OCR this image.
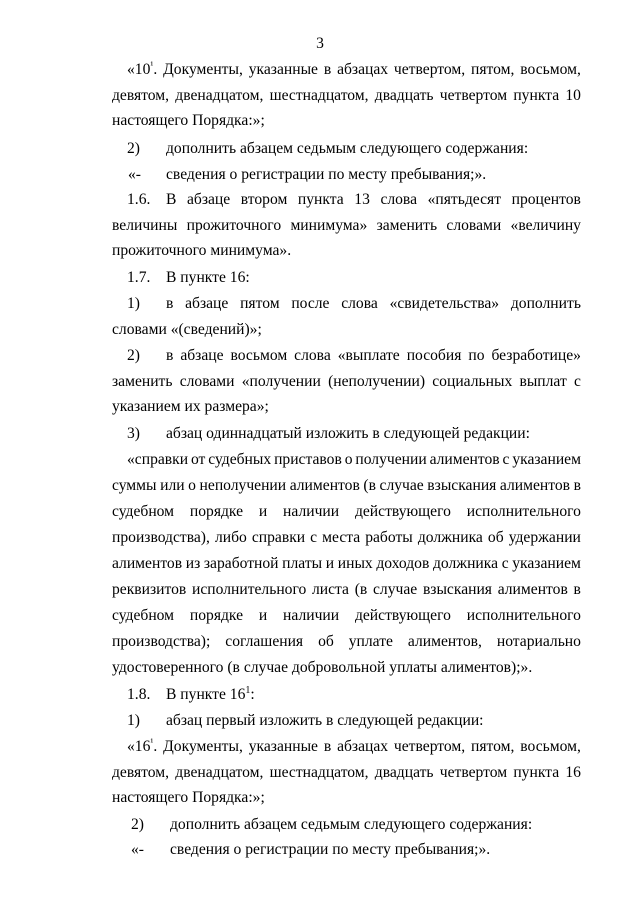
3
«$10^{^1}$. Документы, указанные в абзацах четвертом, пятом, восьмом,
девятом, двенадцатом, шестнадцатом, двадцать четвертом пункта 10
настоящего Порядка:»;
2) дополнить абзацем седьмым следующего содержания:
«- сведения о регистрации по месту пребывания;».
1.6. В абзаце втором пункта 13 слова «пятьдесят процентов
величины прожиточного минимума» заменить словами «величину
прожиточного минимума».
1.7. В пункте 16:
1) в абзаце пятом после слова «свидетельства» дополнить
словами «(сведений)»;
2) в абзаце восьмом слова «выплате пособия по безработице»
заменить словами «получении (неполучении) социальных выплат с
указанием их размера»;
3) абзац одиннадцатый изложить в следующей редакции:
«справки от судебных приставов о получении алиментов с указанием
суммы или о неполучении алиментов (в случае взыскания алиментов в
судебном порядке и наличии действующего исполнительного
производства), либо справки с места работы должника об удержании
алиментов из заработной платы и иных доходов должника с указанием
реквизитов исполнительного листа (в случае взыскания алиментов в
судебном порядке и наличии действующего исполнительного
производства); соглашения об уплате алиментов, нотариально
удостоверенного (в случае добровольной уплаты алиментов);».
1.8. В пункте $16^1$:
1) абзац первый изложить в следующей редакции:
«$16^{^1}$. Документы, указанные в абзацах четвертом, пятом, восьмом,
девятом, двенадцатом, шестнадцатом, двадцать четвертом пункта 16
настоящего Порядка:»;
2) дополнить абзацем седьмым следующего содержания:
«- сведения о регистрации по месту пребывания;».
